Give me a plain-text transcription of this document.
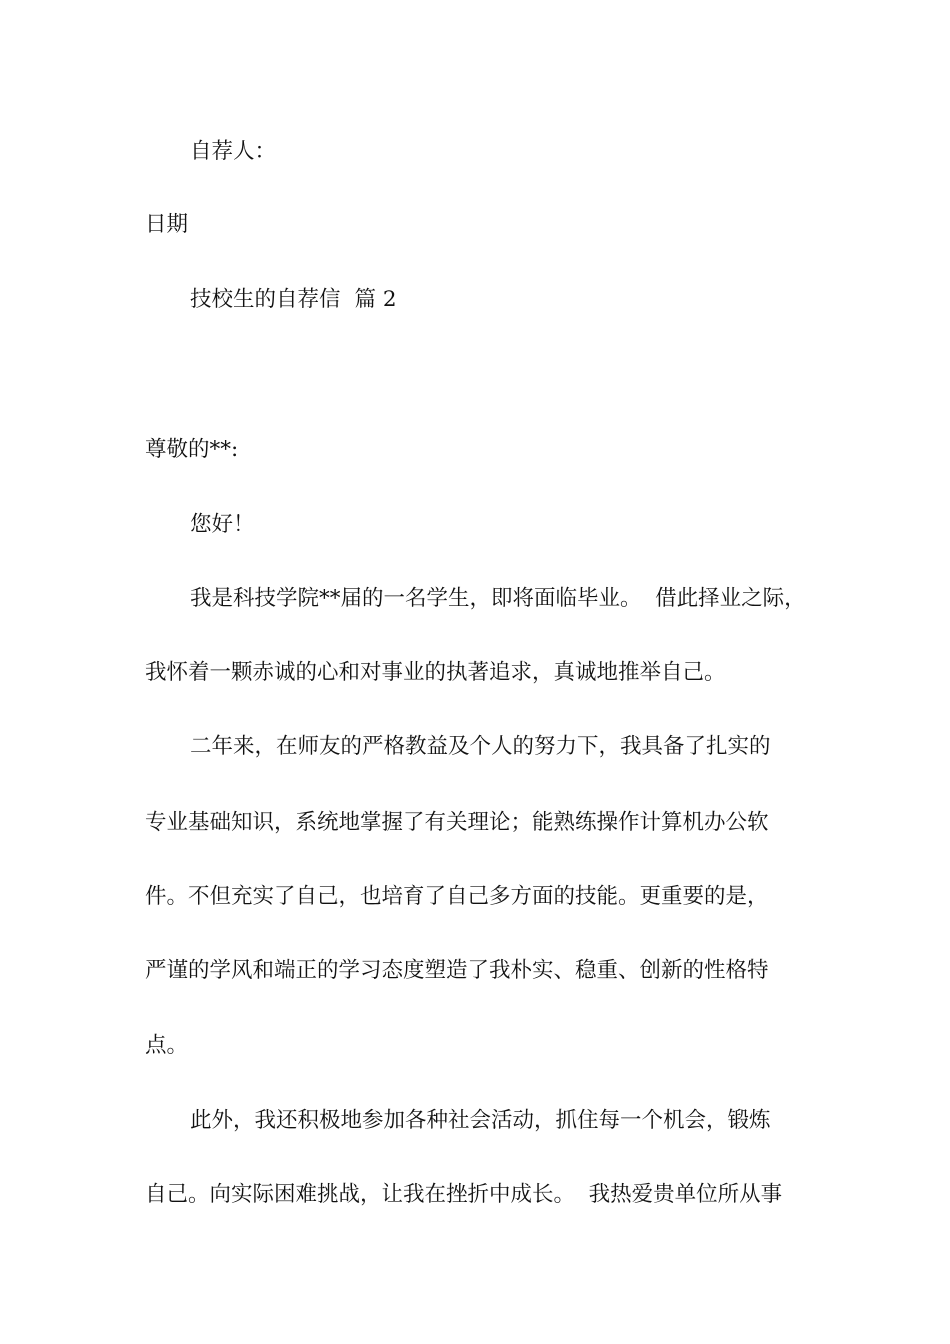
自荐人：

日期

技校生的自荐信 篇 2

尊敬的**:

您好！

我是科技学院**届的一名学生，即将面临毕业。  借此择业之际，

我怀着一颗赤诚的心和对事业的执著追求，真诚地推举自己。

二年来，在师友的严格教益及个人的努力下，我具备了扎实的

专业基础知识，系统地掌握了有关理论；能熟练操作计算机办公软

件。不但充实了自己，也培育了自己多方面的技能。更重要的是，

严谨的学风和端正的学习态度塑造了我朴实、稳重、创新的性格特

点。

此外，我还积极地参加各种社会活动，抓住每一个机会，锻炼

自己。向实际困难挑战，让我在挫折中成长。  我热爱贵单位所从事
